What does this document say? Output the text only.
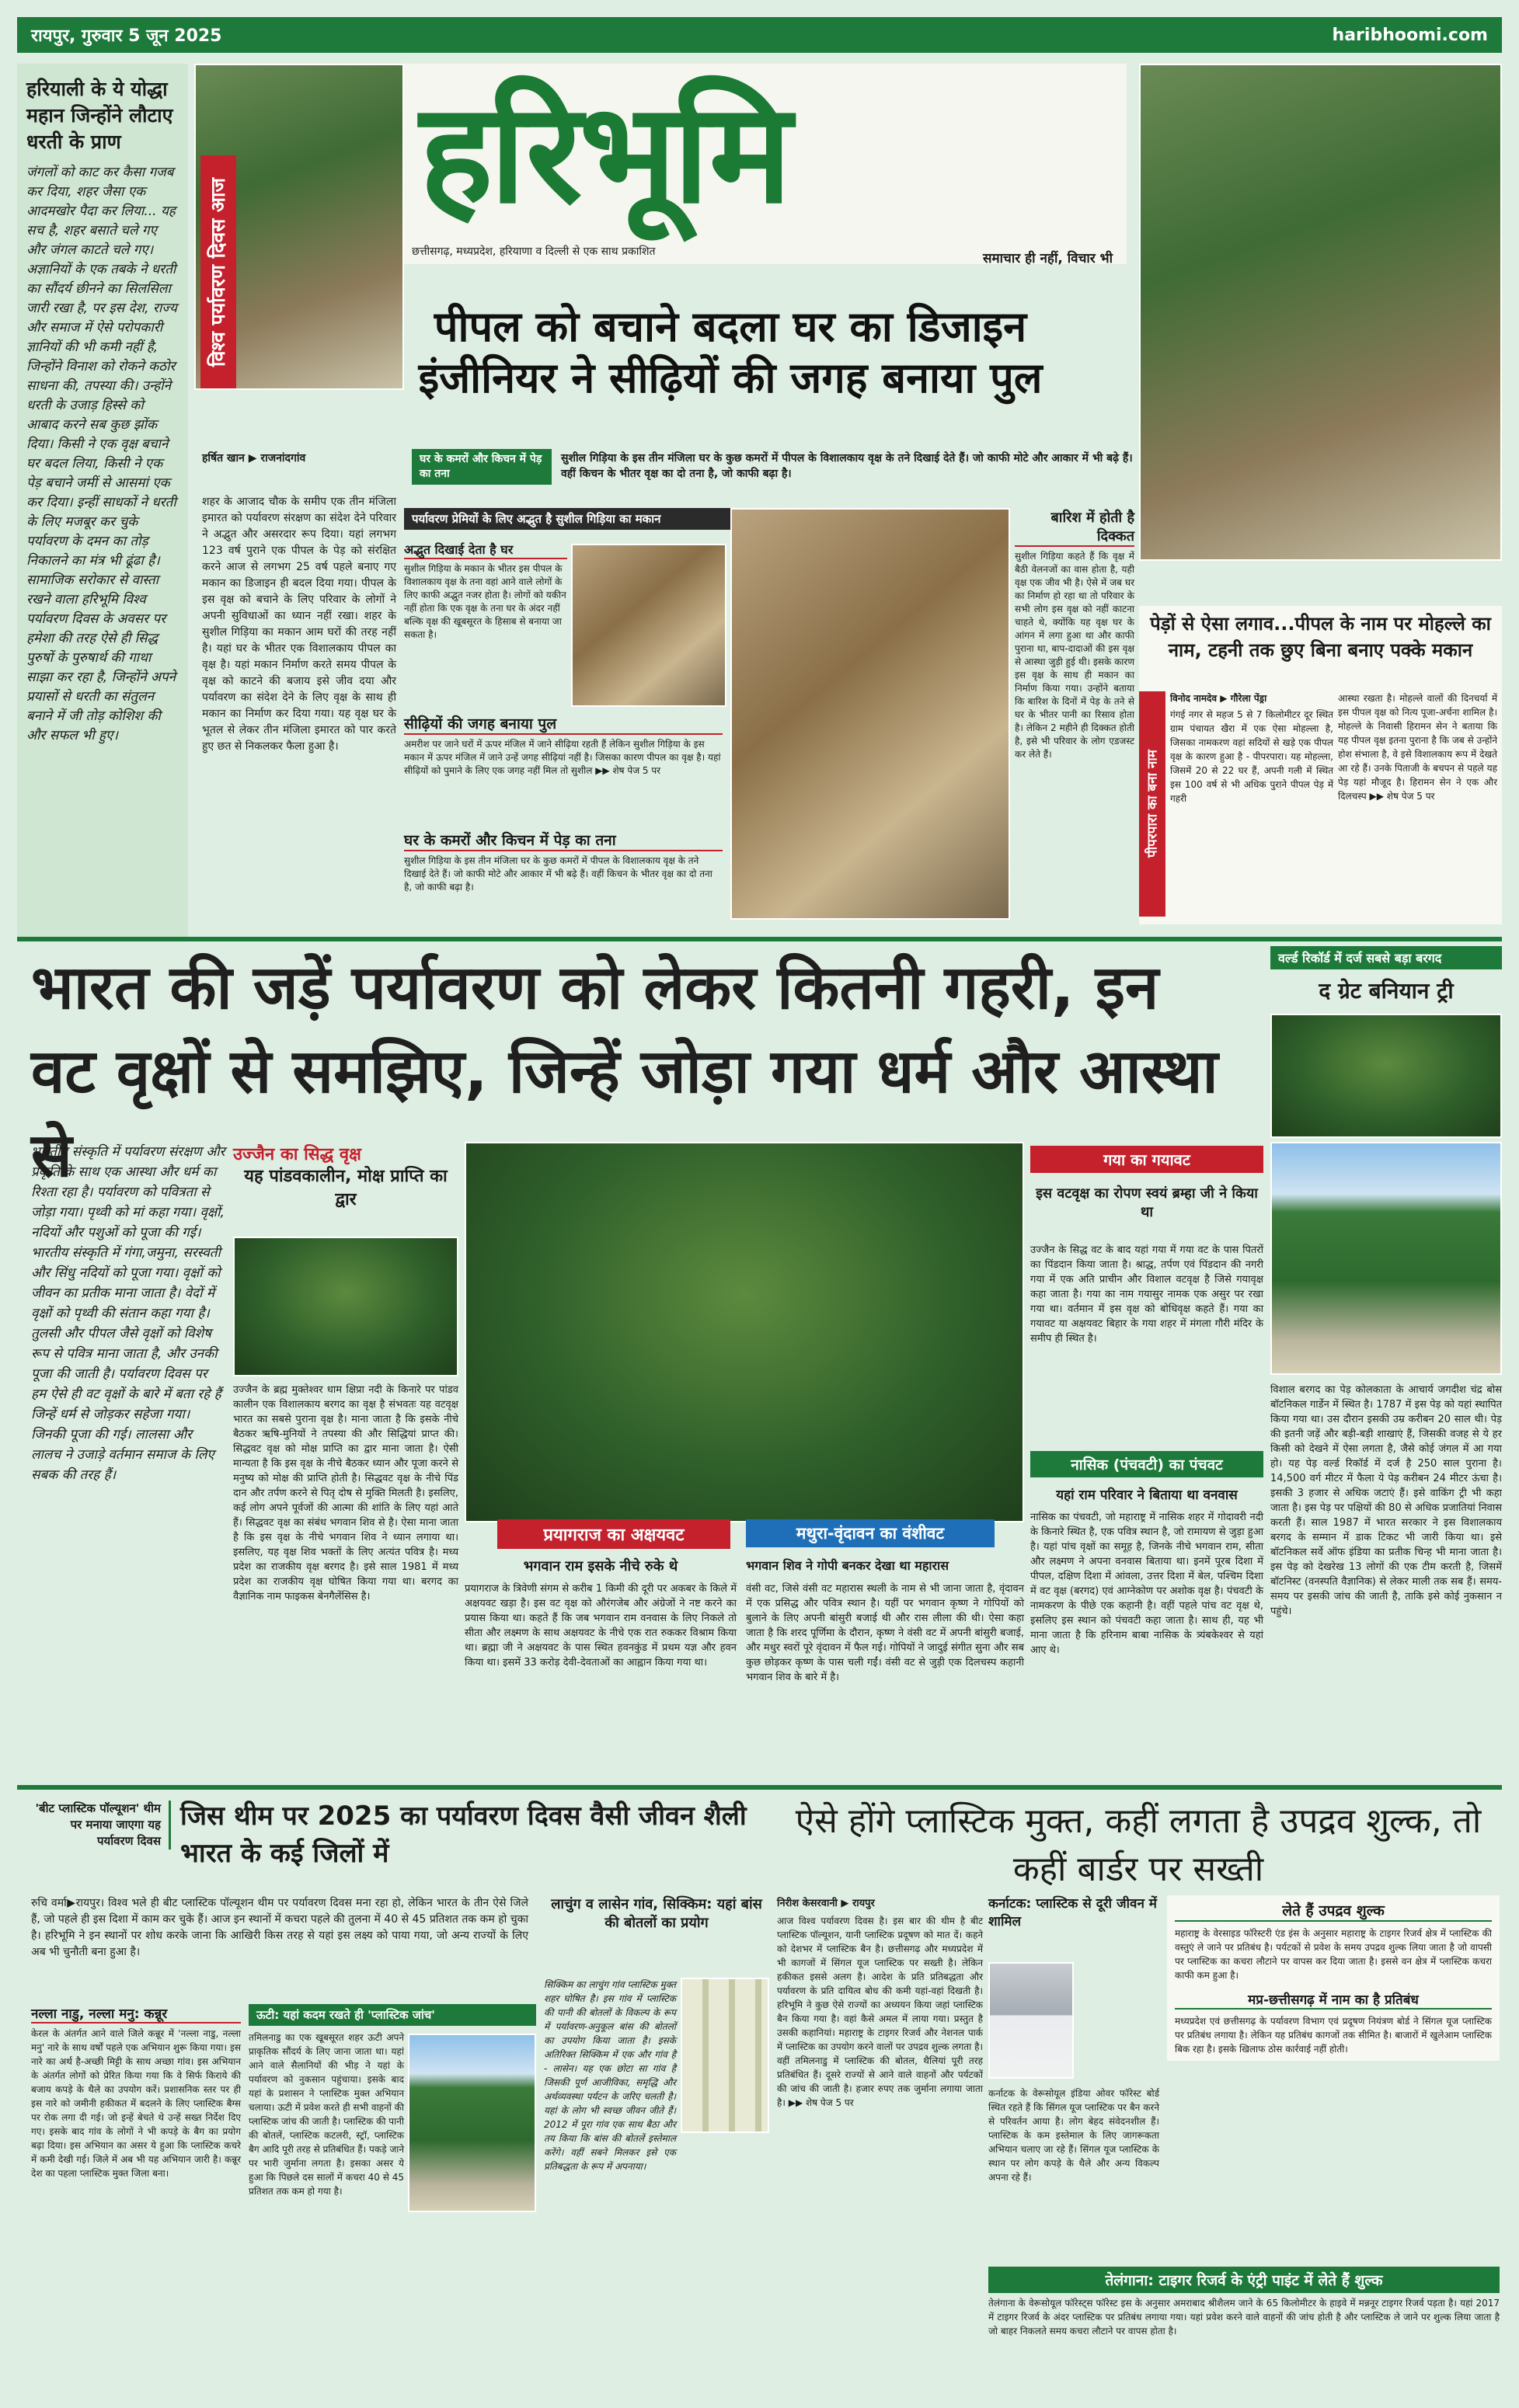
रायपुर, गुरुवार 5 जून 2025	haribhoomi.com
हरियाली के ये योद्धा महान जिन्होंने लौटाए धरती के प्राण

जंगलों को काट कर कैसा गजब कर दिया, शहर जैसा एक आदमखोर पैदा कर लिया... यह सच है, शहर बसाते चले गए और जंगल काटते चले गए। अज्ञानियों के एक तबके ने धरती का सौंदर्य छीनने का सिलसिला जारी रखा है, पर इस देश, राज्य और समाज में ऐसे परोपकारी ज्ञानियों की भी कमी नहीं है, जिन्होंने विनाश को रोकने कठोर साधना की, तपस्या की। उन्होंने धरती के उजाड़ हिस्से को आबाद करने सब कुछ झोंक दिया। किसी ने एक वृक्ष बचाने घर बदल लिया, किसी ने एक पेड़ बचाने जमीं से आसमां एक कर दिया। इन्हीं साधकों ने धरती के लिए मजबूर कर चुके पर्यावरण के दमन का तोड़ निकालने का मंत्र भी ढूंढा है। सामाजिक सरोकार से वास्ता रखने वाला हरिभूमि विश्व पर्यावरण दिवस के अवसर पर हमेशा की तरह ऐसे ही सिद्ध पुरुषों के पुरुषार्थ की गाथा साझा कर रहा है, जिन्होंने अपने प्रयासों से धरती का संतुलन बनाने में जी तोड़ कोशिश की और सफल भी हुए।

विश्व पर्यावरण दिवस आज
हरिभूमि
छत्तीसगढ़, मध्यप्रदेश, हरियाणा व दिल्ली से एक साथ प्रकाशित	समाचार ही नहीं, विचार भी
पीपल को बचाने बदला घर का डिजाइन
इंजीनियर ने सीढ़ियों की जगह बनाया पुल
हर्षित खान ▶ राजनांदगांव	घर के कमरों और किचन में पेड़ का तना
सुशील गिड़िया के इस तीन मंजिला घर के कुछ कमरों में पीपल के विशालकाय वृक्ष के तने दिखाई देते हैं। जो काफी मोटे और आकार में भी बढ़े हैं। वहीं किचन के भीतर वृक्ष का दो तना है, जो काफी बढ़ा है।
शहर के आजाद चौक के समीप एक तीन मंजिला इमारत को पर्यावरण संरक्षण का संदेश देने परिवार ने अद्भुत और असरदार रूप दिया। यहां लगभग 123 वर्ष पुराने एक पीपल के पेड़ को संरक्षित करने आज से लगभग 25 वर्ष पहले बनाए गए मकान का डिजाइन ही बदल दिया गया। पीपल के इस वृक्ष को बचाने के लिए परिवार के लोगों ने अपनी सुविधाओं का ध्यान नहीं रखा। शहर के सुशील गिड़िया का मकान आम घरों की तरह नहीं है। यहां घर के भीतर एक विशालकाय पीपल का वृक्ष है। यहां मकान निर्माण करते समय पीपल के वृक्ष को काटने की बजाय इसे जीव दया और पर्यावरण का संदेश देने के लिए वृक्ष के साथ ही मकान का निर्माण कर दिया गया। यह वृक्ष घर के भूतल से लेकर तीन मंजिला इमारत को पार करते हुए छत से निकलकर फैला हुआ है।
पर्यावरण प्रेमियों के लिए अद्भुत है सुशील गिड़िया का मकान
अद्भुत दिखाई देता है घर
सुशील गिड़िया के मकान के भीतर इस पीपल के विशालकाय वृक्ष के तना वहां आने वाले लोगों के लिए काफी अद्भुत नजर होता है। लोगों को यकीन नहीं होता कि एक वृक्ष के तना घर के अंदर नहीं बल्कि वृक्ष की खूबसूरत के हिसाब से बनाया जा सकता है।
सीढ़ियों की जगह बनाया पुल
अमरीश पर जाने घरों में ऊपर मंजिल में जाने सीढ़िया रहती हैं लेकिन सुशील गिड़िया के इस मकान में ऊपर मंजिल में जाने उन्हें जगह सीढ़ियां नहीं है। जिसका कारण पीपल का वृक्ष है। यहां सीढ़ियों को पुमाने के लिए एक जगह नहीं मिल तो सुशील ▶▶ शेष पेज 5 पर
घर के कमरों और किचन में पेड़ का तना
सुशील गिड़िया के इस तीन मंजिला घर के कुछ कमरों में पीपल के विशालकाय वृक्ष के तने दिखाई देते हैं। जो काफी मोटे और आकार में भी बढ़े हैं। वहीं किचन के भीतर वृक्ष का दो तना है, जो काफी बढ़ा है।
बारिश में होती है दिक्कत
सुशील गिड़िया कहते हैं कि वृक्ष में बैठी वेलनजों का वास होता है, यही वृक्ष एक जीव भी है। ऐसे में जब घर का निर्माण हो रहा था तो परिवार के सभी लोग इस वृक्ष को नहीं काटना चाहते थे, क्योंकि यह वृक्ष घर के आंगन में लगा हुआ था और काफी पुराना था, बाप-दादाओं की इस वृक्ष से आस्था जुड़ी हुई थी। इसके कारण इस वृक्ष के साथ ही मकान का निर्माण किया गया। उन्होंने बताया कि बारिश के दिनों में पेड़ के तने से घर के भीतर पानी का रिसाव होता है। लेकिन 2 महीने ही दिक्कत होती है, इसे भी परिवार के लोग एडजस्ट कर लेते हैं।
पेड़ों से ऐसा लगाव...पीपल के नाम पर मोहल्ले का नाम, टहनी तक छुए बिना बनाए पक्के मकान
पीपरपारा का बना नाम
विनोद नामदेव ▶ गौरेला पेंड्रा
गंगई नगर से महज 5 से 7 किलोमीटर दूर स्थित ग्राम पंचायत खैरा में एक ऐसा मोहल्ला है, जिसका नामकरण वहां सदियों से खड़े एक पीपल वृक्ष के कारण हुआ है - पीपरपारा। यह मोहल्ला, जिसमें 20 से 22 घर हैं, अपनी गली में स्थित इस 100 वर्ष से भी अधिक पुराने पीपल पेड़ में गहरी
आस्था रखता है। मोहल्ले वालों की दिनचर्या में इस पीपल वृक्ष को नित्य पूजा-अर्चना शामिल है। मोहल्ले के निवासी हिरामन सेन ने बताया कि यह पीपल वृक्ष इतना पुराना है कि जब से उन्होंने होश संभाला है, वे इसे विशालकाय रूप में देखते आ रहे हैं। उनके पिताजी के बचपन से पहले यह पेड़ यहां मौजूद है। हिरामन सेन ने एक और दिलचस्प ▶▶ शेष पेज 5 पर
भारत की जड़ें पर्यावरण को लेकर कितनी गहरी, इन वट वृक्षों से समझिए, जिन्हें जोड़ा गया धर्म और आस्था से
वर्ल्ड रिकॉर्ड में दर्ज सबसे बड़ा बरगद
द ग्रेट बनियान ट्री
विशाल बरगद का पेड़ कोलकाता के आचार्य जगदीश चंद्र बोस बॉटनिकल गार्डेन में स्थित है। 1787 में इस पेड़ को यहां स्थापित किया गया था। उस दौरान इसकी उम्र करीबन 20 साल थी। पेड़ की इतनी जड़ें और बड़ी-बड़ी शाखाएं हैं, जिसकी वजह से ये हर किसी को देखने में ऐसा लगता है, जैसे कोई जंगल में आ गया हो। यह पेड़ वर्ल्ड रिकॉर्ड में दर्ज है 250 साल पुराना है। 14,500 वर्ग मीटर में फैला ये पेड़ करीबन 24 मीटर ऊंचा है। इसकी 3 हजार से अधिक जटाएं हैं। इसे वाकिंग ट्री भी कहा जाता है। इस पेड़ पर पक्षियों की 80 से अधिक प्रजातियां निवास करती हैं। साल 1987 में भारत सरकार ने इस विशालकाय बरगद के सम्मान में डाक टिकट भी जारी किया था। इसे बॉटनिकल सर्वे ऑफ इंडिया का प्रतीक चिन्ह भी माना जाता है। इस पेड़ को देखरेख 13 लोगों की एक टीम करती है, जिसमें बॉटनिस्ट (वनस्पति वैज्ञानिक) से लेकर माली तक सब हैं। समय-समय पर इसकी जांच की जाती है, ताकि इसे कोई नुकसान न पहुंचे।
भारतीय संस्कृति में पर्यावरण संरक्षण और प्रकृति के साथ एक आस्था और धर्म का रिश्ता रहा है। पर्यावरण को पवित्रता से जोड़ा गया। पृथ्वी को मां कहा गया। वृक्षों, नदियों और पशुओं को पूजा की गई। भारतीय संस्कृति में गंगा,जमुना, सरस्वती और सिंधु नदियों को पूजा गया। वृक्षों को जीवन का प्रतीक माना जाता है। वेदों में वृक्षों को पृथ्वी की संतान कहा गया है। तुलसी और पीपल जैसे वृक्षों को विशेष रूप से पवित्र माना जाता है, और उनकी पूजा की जाती है। पर्यावरण दिवस पर हम ऐसे ही वट वृक्षों के बारे में बता रहे हैं जिन्हें धर्म से जोड़कर सहेजा गया। जिनकी पूजा की गई। लालसा और लालच ने उजाड़े वर्तमान समाज के लिए सबक की तरह हैं।
उज्जैन का सिद्ध वृक्ष
यह पांडवकालीन, मोक्ष प्राप्ति का द्वार
उज्जैन के ब्रह्म मुक्तेश्वर धाम क्षिप्रा नदी के किनारे पर पांडव कालीन एक विशालकाय बरगद का वृक्ष है संभवतः यह वटवृक्ष भारत का सबसे पुराना वृक्ष है। माना जाता है कि इसके नीचे बैठकर ऋषि-मुनियों ने तपस्या की और सिद्धियां प्राप्त की। सिद्धवट वृक्ष को मोक्ष प्राप्ति का द्वार माना जाता है। ऐसी मान्यता है कि इस वृक्ष के नीचे बैठकर ध्यान और पूजा करने से मनुष्य को मोक्ष की प्राप्ति होती है। सिद्धवट वृक्ष के नीचे पिंड दान और तर्पण करने से पितृ दोष से मुक्ति मिलती है। इसलिए, कई लोग अपने पूर्वजों की आत्मा की शांति के लिए यहां आते हैं। सिद्धवट वृक्ष का संबंध भगवान शिव से है। ऐसा माना जाता है कि इस वृक्ष के नीचे भगवान शिव ने ध्यान लगाया था। इसलिए, यह वृक्ष शिव भक्तों के लिए अत्यंत पवित्र है। मध्य प्रदेश का राजकीय वृक्ष बरगद है। इसे साल 1981 में मध्य प्रदेश का राजकीय वृक्ष घोषित किया गया था। बरगद का वैज्ञानिक नाम फाइकस बेनगैलेंसिस है।
प्रयागराज का अक्षयवट
भगवान राम इसके नीचे रुके थे
प्रयागराज के त्रिवेणी संगम से करीब 1 किमी की दूरी पर अकबर के किले में अक्षयवट खड़ा है। इस वट वृक्ष को औरंगजेब और अंग्रेजों ने नष्ट करने का प्रयास किया था। कहते हैं कि जब भगवान राम वनवास के लिए निकले तो सीता और लक्ष्मण के साथ अक्षयवट के नीचे एक रात रुककर विश्राम किया था। ब्रह्मा जी ने अक्षयवट के पास स्थित हवनकुंड में प्रथम यज्ञ और हवन किया था। इसमें 33 करोड़ देवी-देवताओं का आह्वान किया गया था।
मथुरा-वृंदावन का वंशीवट
भगवान शिव ने गोपी बनकर देखा था महारास
वंसी वट, जिसे वंसी वट महारास स्थली के नाम से भी जाना जाता है, वृंदावन में एक प्रसिद्ध और पवित्र स्थान है। यहीं पर भगवान कृष्ण ने गोपियों को बुलाने के लिए अपनी बांसुरी बजाई थी और रास लीला की थी। ऐसा कहा जाता है कि शरद पूर्णिमा के दौरान, कृष्ण ने वंसी वट में अपनी बांसुरी बजाई, और मधुर स्वरों पूरे वृंदावन में फैल गई। गोपियों ने जादुई संगीत सुना और सब कुछ छोड़कर कृष्ण के पास चली गईं। वंसी वट से जुड़ी एक दिलचस्प कहानी भगवान शिव के बारे में है।
गया का गयावट
इस वटवृक्ष का रोपण स्वयं ब्रम्हा जी ने किया था
उज्जैन के सिद्ध वट के बाद यहां गया में गया वट के पास पितरों का पिंडदान किया जाता है। श्राद्ध, तर्पण एवं पिंडदान की नगरी गया में एक अति प्राचीन और विशाल वटवृक्ष है जिसे गयावृक्ष कहा जाता है। गया का नाम गयासुर नामक एक असुर पर रखा गया था। वर्तमान में इस वृक्ष को बोधिवृक्ष कहते हैं। गया का गयावट या अक्षयवट बिहार के गया शहर में मंगला गौरी मंदिर के समीप ही स्थित है।
नासिक (पंचवटी) का पंचवट
यहां राम परिवार ने बिताया था वनवास
नासिक का पंचवटी, जो महाराष्ट्र में नासिक शहर में गोदावरी नदी के किनारे स्थित है, एक पवित्र स्थान है, जो रामायण से जुड़ा हुआ है। यहां पांच वृक्षों का समूह है, जिनके नीचे भगवान राम, सीता और लक्ष्मण ने अपना वनवास बिताया था। इनमें पूरब दिशा में पीपल, दक्षिण दिशा में आंवला, उत्तर दिशा में बेल, पश्चिम दिशा में वट वृक्ष (बरगद) एवं आग्नेकोण पर अशोक वृक्ष है। पंचवटी के नामकरण के पीछे एक कहानी है। वहीं पहले पांच वट वृक्ष थे, इसलिए इस स्थान को पंचवटी कहा जाता है। साथ ही, यह भी माना जाता है कि हरिनाम बाबा नासिक के त्र्यंबकेश्वर से यहां आए थे।
'बीट प्लास्टिक पॉल्यूशन' थीम पर मनाया जाएगा यह पर्यावरण दिवस
जिस थीम पर 2025 का पर्यावरण दिवस वैसी जीवन शैली भारत के कई जिलों में
ऐसे होंगे प्लास्टिक मुक्त, कहीं लगता है उपद्रव शुल्क, तो कहीं बार्डर पर सख्ती
रुचि वर्मा▶रायपुर। विश्व भले ही बीट प्लास्टिक पॉल्यूशन थीम पर पर्यावरण दिवस मना रहा हो, लेकिन भारत के तीन ऐसे जिले हैं, जो पहले ही इस दिशा में काम कर चुके हैं। आज इन स्थानों में कचरा पहले की तुलना में 40 से 45 प्रतिशत तक कम हो चुका है। हरिभूमि ने इन स्थानों पर शोध करके जाना कि आखिरी किस तरह से यहां इस लक्ष्य को पाया गया, जो अन्य राज्यों के लिए अब भी चुनौती बना हुआ है।
नल्ला नाडु, नल्ला मनु: कन्नूर
केरल के अंतर्गत आने वाले जिले कन्नूर में 'नल्ला नाडु, नल्ला मनु' नारे के साथ वर्षों पहले एक अभियान शुरू किया गया। इस नारे का अर्थ है-अच्छी मिट्टी के साथ अच्छा गांव। इस अभियान के अंतर्गत लोगों को प्रेरित किया गया कि वे सिर्फ किराये की बजाय कपड़े के थैले का उपयोग करें। प्रशासनिक स्तर पर ही इस नारे को जमीनी हकीकत में बदलने के लिए प्लास्टिक बैग्स पर रोक लगा दी गई। जो इन्हें बेचते थे उन्हें सख्त निर्देश दिए गए। इसके बाद गांव के लोगों ने भी कपड़े के बैग का प्रयोग बढ़ा दिया। इस अभियान का असर ये हुआ कि प्लास्टिक कचरे में कमी देखी गई। जिले में अब भी यह अभियान जारी है। कन्नूर देश का पहला प्लास्टिक मुक्त जिला बना।
ऊटी: यहां कदम रखते ही 'प्लास्टिक जांच'
तमिलनाडु का एक खूबसूरत शहर ऊटी अपने प्राकृतिक सौंदर्य के लिए जाना जाता था। यहां आने वाले सैलानियों की भीड़ ने यहां के पर्यावरण को नुकसान पहुंचाया। इसके बाद यहां के प्रशासन ने प्लास्टिक मुक्त अभियान चलाया। ऊटी में प्रवेश करते ही सभी वाहनों की प्लास्टिक जांच की जाती है। प्लास्टिक की पानी की बोतलें, प्लास्टिक कटलरी, स्ट्रॉ, प्लास्टिक बैग आदि पूरी तरह से प्रतिबंधित हैं। पकड़े जाने पर भारी जुर्माना लगता है। इसका असर ये हुआ कि पिछले दस सालों में कचरा 40 से 45 प्रतिशत तक कम हो गया है।
लाचुंग व लासेन गांव, सिक्किम: यहां बांस की बोतलों का प्रयोग
सिक्किम का लाचुंग गांव प्लास्टिक मुक्त शहर घोषित है। इस गांव में प्लास्टिक की पानी की बोतलों के विकल्प के रूप में पर्यावरण-अनुकूल बांस की बोतलों का उपयोग किया जाता है। इसके अतिरिक्त सिक्किम में एक और गांव है - लासेन। यह एक छोटा सा गांव है जिसकी पूर्ण आजीविका, समृद्धि और अर्थव्यवस्था पर्यटन के जरिए चलती है। यहां के लोग भी स्वच्छ जीवन जीते हैं। 2012 में पूरा गांव एक साथ बैठा और तय किया कि बांस की बोतलें इस्तेमाल करेंगे। वहीं सबने मिलकर इसे एक प्रतिबद्धता के रूप में अपनाया।
निरीश केसरवानी ▶ रायपुर
आज विश्व पर्यावरण दिवस है। इस बार की थीम है बीट प्लास्टिक पॉल्यूशन, यानी प्लास्टिक प्रदूषण को मात दें। कहने को देशभर में प्लास्टिक बैन है। छत्तीसगढ़ और मध्यप्रदेश में भी कागजों में सिंगल यूज प्लास्टिक पर सख्ती है। लेकिन हकीकत इससे अलग है। आदेश के प्रति प्रतिबद्धता और पर्यावरण के प्रति दायित्व बोध की कमी यहां-वहां दिखती है। हरिभूमि ने कुछ ऐसे राज्यों का अध्ययन किया जहां प्लास्टिक बैन किया गया है। वहां कैसे अमल में लाया गया। प्रस्तुत है उसकी कहानियां। महाराष्ट्र के टाइगर रिजर्व और नेशनल पार्क में प्लास्टिक का उपयोग करने वालों पर उपद्रव शुल्क लगता है। वहीं तमिलनाडु में प्लास्टिक की बोतल, थैलियां पूरी तरह प्रतिबंधित हैं। दूसरे राज्यों से आने वाले वाहनों और पर्यटकों की जांच की जाती है। हजार रुपए तक जुर्माना लगाया जाता है। ▶▶ शेष पेज 5 पर
कर्नाटक: प्लास्टिक से दूरी जीवन में शामिल
कर्नाटक के वेरूसोयूल इंडिया ओवर फॉरेस्ट बोर्ड स्थित रहते हैं कि सिंगल यूज प्लास्टिक पर बैन करने से परिवर्तन आया है। लोग बेहद संवेदनशील हैं। प्लास्टिक के कम इस्तेमाल के लिए जागरूकता अभियान चलाए जा रहे हैं। सिंगल यूज प्लास्टिक के स्थान पर लोग कपड़े के थैले और अन्य विकल्प अपना रहे हैं।
लेते हैं उपद्रव शुल्क
महाराष्ट्र के वेरसाइड फॉरेस्टरी एंड इंस के अनुसार महाराष्ट्र के टाइगर रिजर्व क्षेत्र में प्लास्टिक की वस्तुएं ले जाने पर प्रतिबंध है। पर्यटकों से प्रवेश के समय उपद्रव शुल्क लिया जाता है जो वापसी पर प्लास्टिक का कचरा लौटाने पर वापस कर दिया जाता है। इससे वन क्षेत्र में प्लास्टिक कचरा काफी कम हुआ है।
मप्र-छत्तीसगढ़ में नाम का है प्रतिबंध
मध्यप्रदेश एवं छत्तीसगढ़ के पर्यावरण विभाग एवं प्रदूषण नियंत्रण बोर्ड ने सिंगल यूज प्लास्टिक पर प्रतिबंध लगाया है। लेकिन यह प्रतिबंध कागजों तक सीमित है। बाजारों में खुलेआम प्लास्टिक बिक रहा है। इसके खिलाफ ठोस कार्रवाई नहीं होती।
तेलंगाना: टाइगर रिजर्व के एंट्री पाइंट में लेते हैं शुल्क
तेलंगाना के वेरूसोयूल फॉरेस्ट्स फॉरेस्ट इस के अनुसार अमराबाद श्रीशैलम जाने के 65 किलोमीटर के हाइवे में मन्ननूर टाइगर रिजर्व पड़ता है। यहां 2017 में टाइगर रिजर्व के अंदर प्लास्टिक पर प्रतिबंध लगाया गया। यहां प्रवेश करने वाले वाहनों की जांच होती है और प्लास्टिक ले जाने पर शुल्क लिया जाता है जो बाहर निकलते समय कचरा लौटाने पर वापस होता है।
